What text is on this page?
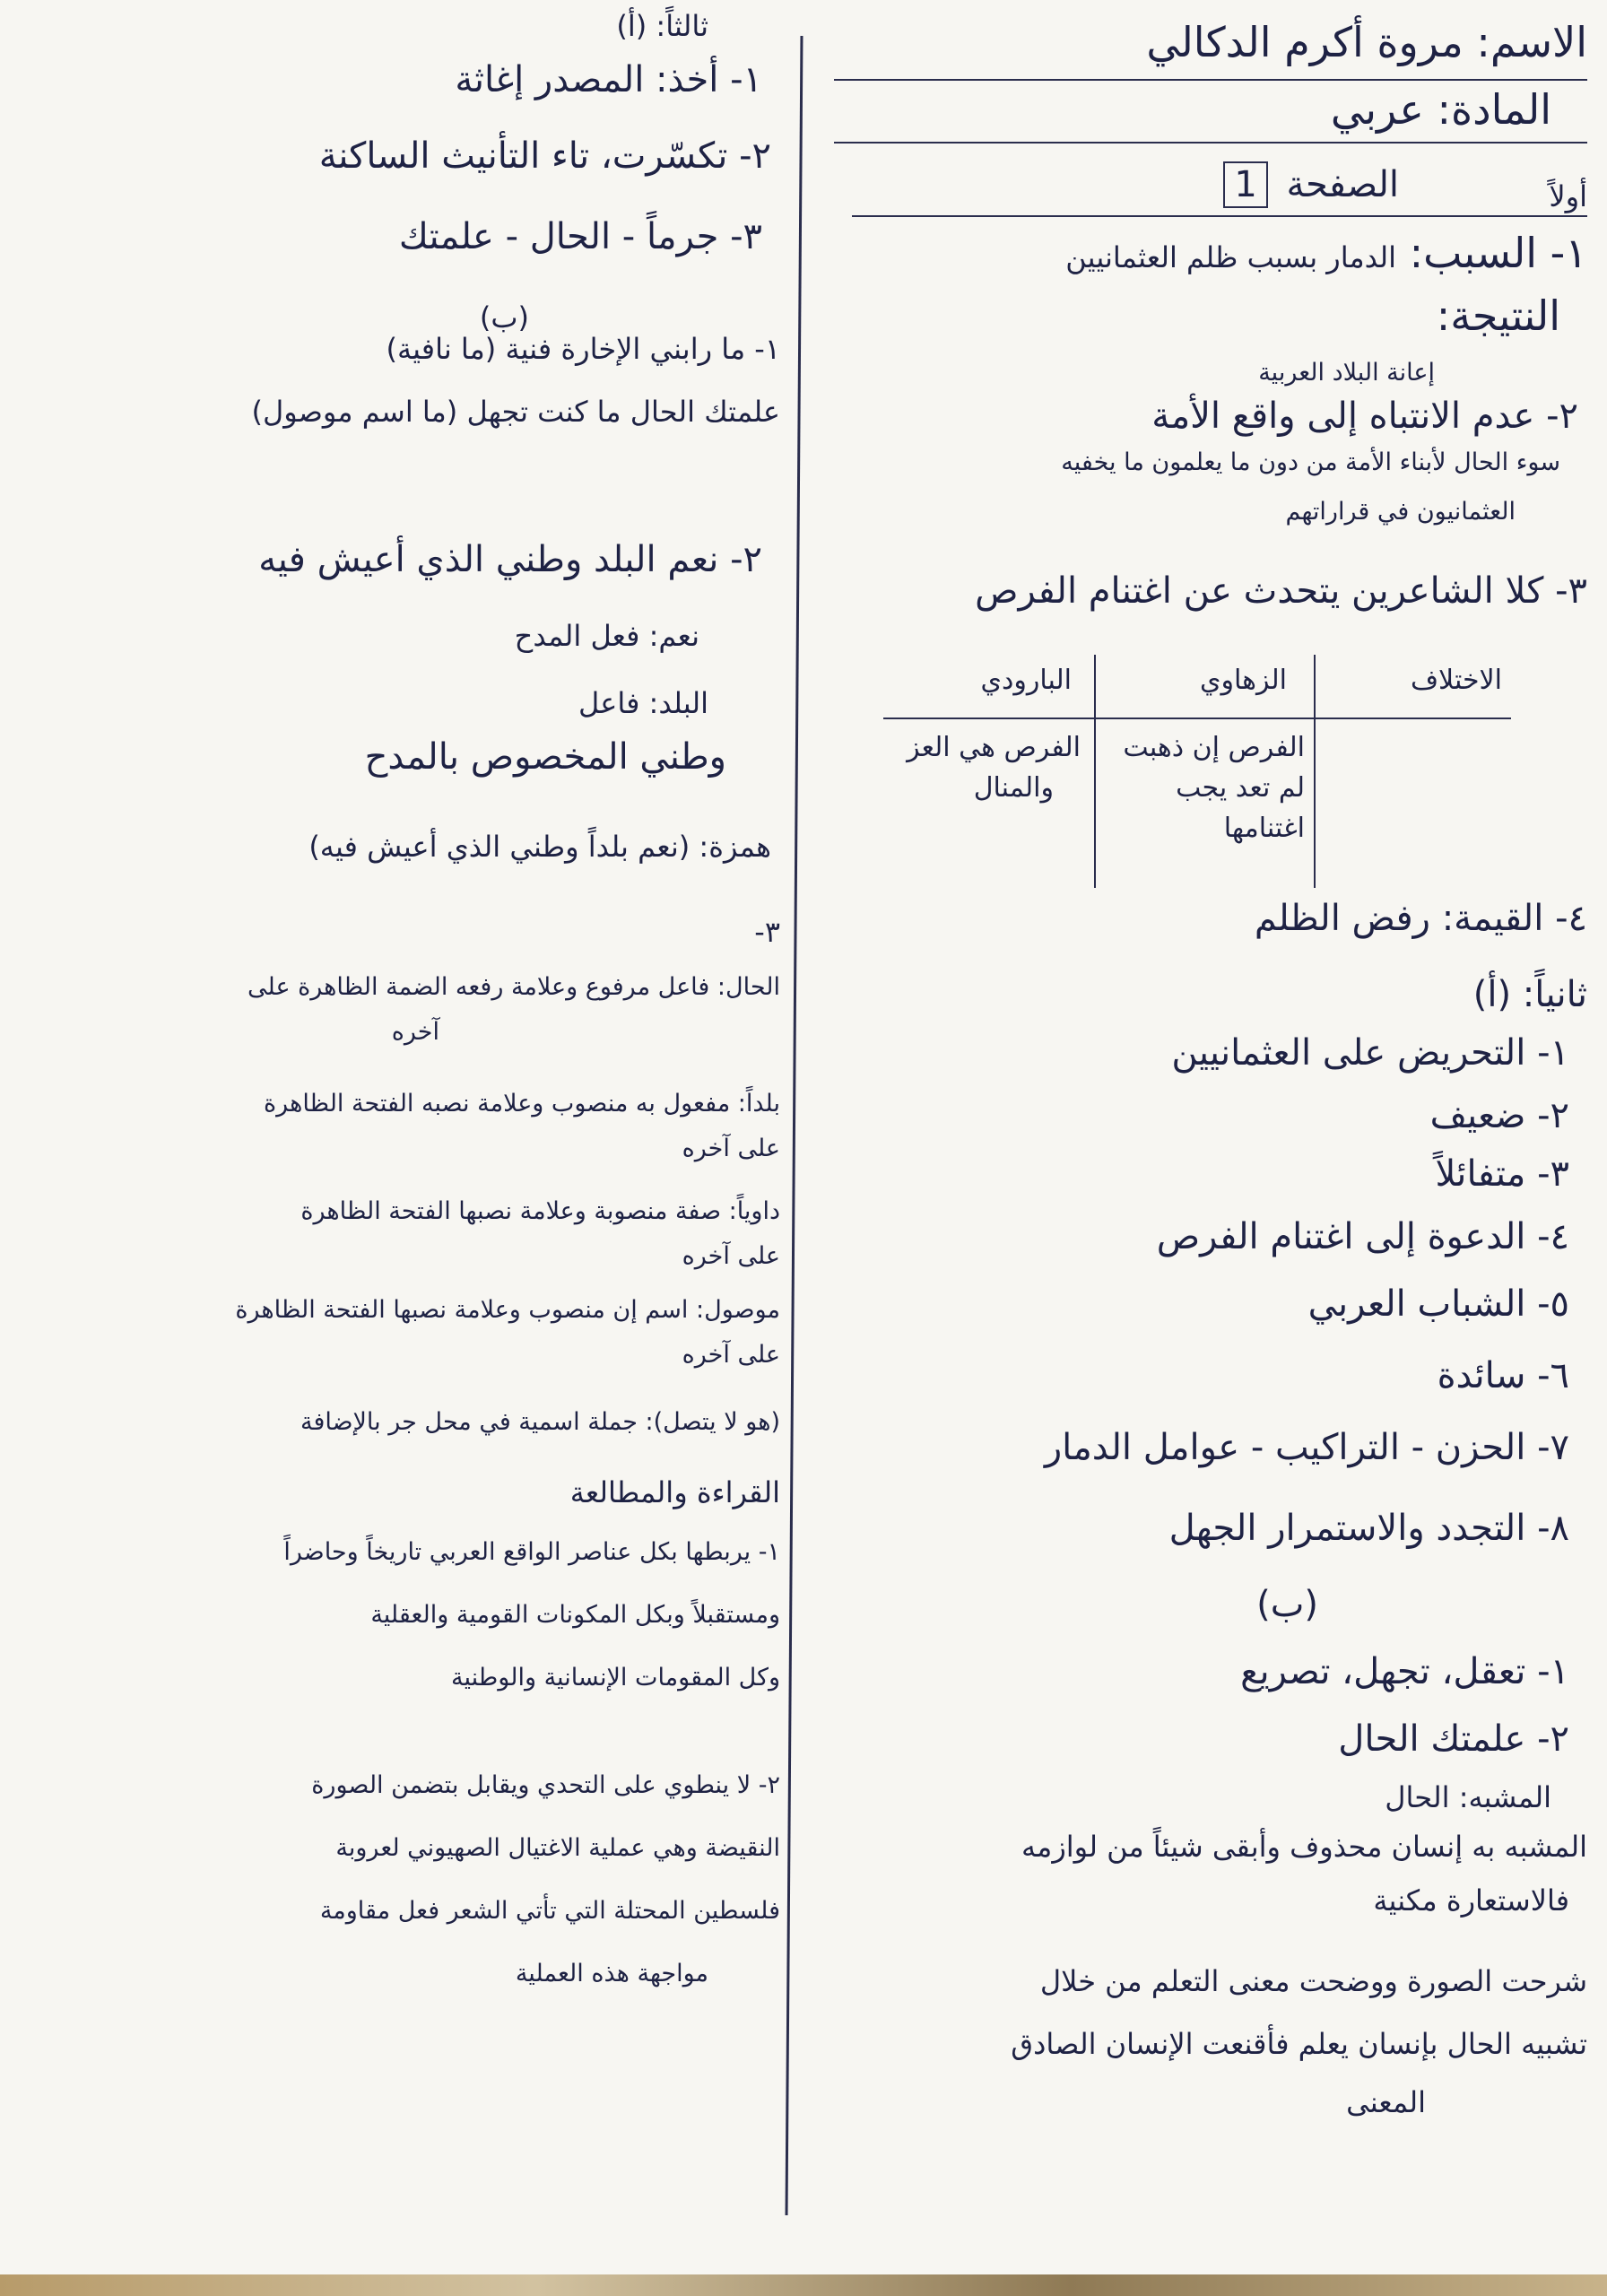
الاسم: مروة أكرم الدكالي
المادة: عربي
الصفحة 1	أولاً
١- السبب: الدمار بسبب ظلم العثمانيين
النتيجة:
إعانة البلاد العربية
٢- عدم الانتباه إلى واقع الأمة
سوء الحال لأبناء الأمة من دون ما يعلمون ما يخفيه
العثمانيون في قراراتهم
٣- كلا الشاعرين يتحدث عن اغتنام الفرص
٤- القيمة: رفض الظلم
ثانياً: (أ)
١- التحريض على العثمانيين
٢- ضعيف
٣- متفائلاً
٤- الدعوة إلى اغتنام الفرص
٥- الشباب العربي
٦- سائدة
٧- الحزن - التراكيب - عوامل الدمار
٨- التجدد والاستمرار الجهل
(ب)
١- تعقل، تجهل، تصريع
٢- علمتك الحال
المشبه: الحال
المشبه به إنسان محذوف وأبقى شيئاً من لوازمه
فالاستعارة مكنية
شرحت الصورة ووضحت معنى التعلم من خلال
تشبيه الحال بإنسان يعلم فأقنعت الإنسان الصادق
المعنى
الاختلاف
الزهاوي
البارودي
الفرص إن ذهبت
لم تعد يجب
اغتنامها
الفرص هي العز
والمنال
ثالثاً: (أ)
١- أخذ: المصدر إغاثة
٢- تكسّرت، تاء التأنيث الساكنة
٣- جرماً - الحال - علمتك
(ب)
١- ما رابني الإخارة فنية (ما نافية)
علمتك الحال ما كنت تجهل (ما اسم موصول)
٢- نعم البلد وطني الذي أعيش فيه
نعم: فعل المدح
البلد: فاعل
وطني المخصوص بالمدح
همزة: (نعم بلداً وطني الذي أعيش فيه)
٣-
الحال: فاعل مرفوع وعلامة رفعه الضمة الظاهرة على
آخره
بلداً: مفعول به منصوب وعلامة نصبه الفتحة الظاهرة
على آخره
داوياً: صفة منصوبة وعلامة نصبها الفتحة الظاهرة
على آخره
موصول: اسم إن منصوب وعلامة نصبها الفتحة الظاهرة
على آخره
(هو لا يتصل): جملة اسمية في محل جر بالإضافة
القراءة والمطالعة
١- يربطها بكل عناصر الواقع العربي تاريخاً وحاضراً
ومستقبلاً وبكل المكونات القومية والعقلية
وكل المقومات الإنسانية والوطنية
٢- لا ينطوي على التحدي ويقابل بتضمن الصورة
النقيضة وهي عملية الاغتيال الصهيوني لعروبة
فلسطين المحتلة التي تأتي الشعر فعل مقاومة
مواجهة هذه العملية
